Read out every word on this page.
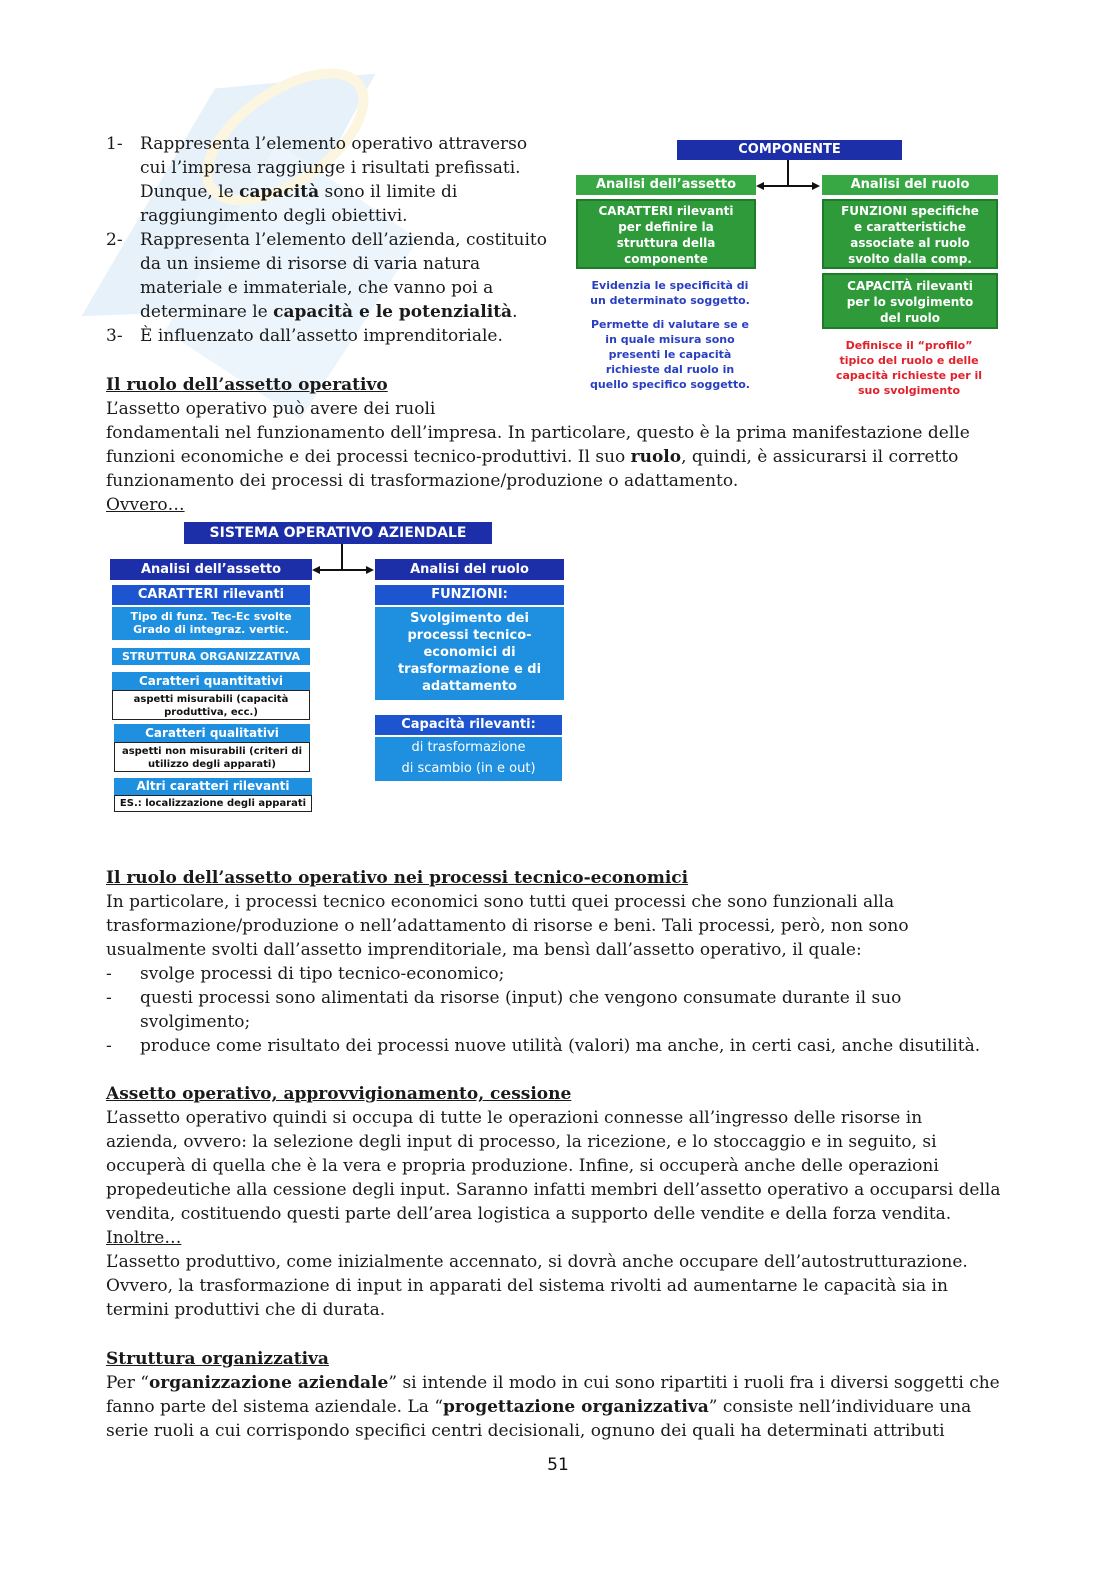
1- Rappresenta l’elemento operativo attraverso
cui l’impresa raggiunge i risultati prefissati.
Dunque, le capacità sono il limite di
raggiungimento degli obiettivi.
2- Rappresenta l’elemento dell’azienda, costituito
da un insieme di risorse di varia natura
materiale e immateriale, che vanno poi a
determinare le capacità e le potenzialità.
3- È influenzato dall’assetto imprenditoriale.
COMPONENTE
Analisi dell’assetto	Analisi del ruolo
CARATTERI rilevanti
per definire la
struttura della
componente
Evidenzia le specificità di
un determinato soggetto.
Permette di valutare se e
in quale misura sono
presenti le capacità
richieste dal ruolo in
quello specifico soggetto.
FUNZIONI specifiche
e caratteristiche
associate al ruolo
svolto dalla comp.
CAPACITÀ rilevanti
per lo svolgimento
del ruolo
Definisce il “profilo”
tipico del ruolo e delle
capacità richieste per il
suo svolgimento
Il ruolo dell’assetto operativo
L’assetto operativo può avere dei ruoli
fondamentali nel funzionamento dell’impresa. In particolare, questo è la prima manifestazione delle
funzioni economiche e dei processi tecnico-produttivi. Il suo ruolo, quindi, è assicurarsi il corretto
funzionamento dei processi di trasformazione/produzione o adattamento.
Ovvero…
SISTEMA OPERATIVO AZIENDALE
Analisi dell’assetto	Analisi del ruolo
CARATTERI rilevanti
Tipo di funz. Tec-Ec svolte
Grado di integraz. vertic.
STRUTTURA ORGANIZZATIVA
Caratteri quantitativi
aspetti misurabili (capacità
produttiva, ecc.)
Caratteri qualitativi
aspetti non misurabili (criteri di
utilizzo degli apparati)
Altri caratteri rilevanti
ES.: localizzazione degli apparati
FUNZIONI:
Svolgimento dei
processi tecnico-
economici di
trasformazione e di
adattamento
Capacità rilevanti:
di trasformazione
di scambio (in e out)
Il ruolo dell’assetto operativo nei processi tecnico-economici
In particolare, i processi tecnico economici sono tutti quei processi che sono funzionali alla
trasformazione/produzione o nell’adattamento di risorse e beni. Tali processi, però, non sono
usualmente svolti dall’assetto imprenditoriale, ma bensì dall’assetto operativo, il quale:
- svolge processi di tipo tecnico-economico;
- questi processi sono alimentati da risorse (input) che vengono consumate durante il suo
svolgimento;
- produce come risultato dei processi nuove utilità (valori) ma anche, in certi casi, anche disutilità.
Assetto operativo, approvvigionamento, cessione
L’assetto operativo quindi si occupa di tutte le operazioni connesse all’ingresso delle risorse in
azienda, ovvero: la selezione degli input di processo, la ricezione, e lo stoccaggio e in seguito, si
occuperà di quella che è la vera e propria produzione. Infine, si occuperà anche delle operazioni
propedeutiche alla cessione degli input. Saranno infatti membri dell’assetto operativo a occuparsi della
vendita, costituendo questi parte dell’area logistica a supporto delle vendite e della forza vendita.
Inoltre…
L’assetto produttivo, come inizialmente accennato, si dovrà anche occupare dell’autostrutturazione.
Ovvero, la trasformazione di input in apparati del sistema rivolti ad aumentarne le capacità sia in
termini produttivi che di durata.
Struttura organizzativa
Per “organizzazione aziendale” si intende il modo in cui sono ripartiti i ruoli fra i diversi soggetti che
fanno parte del sistema aziendale. La “progettazione organizzativa” consiste nell’individuare una
serie ruoli a cui corrispondo specifici centri decisionali, ognuno dei quali ha determinati attributi
51
